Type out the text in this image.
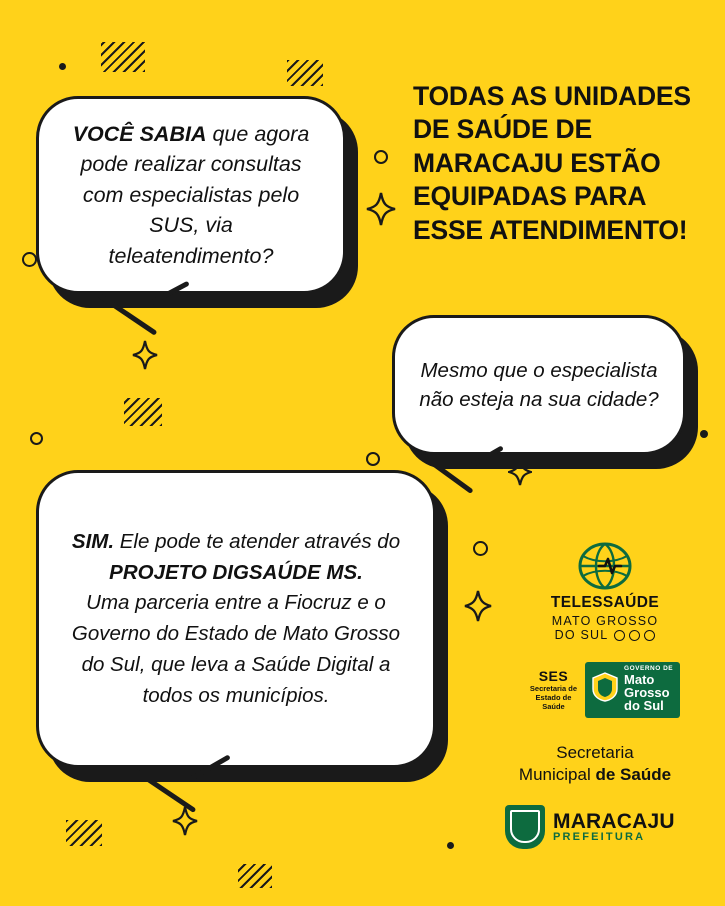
TODAS AS UNIDADES DE SAÚDE DE MARACAJU ESTÃO EQUIPADAS PARA ESSE ATENDIMENTO!

VOCÊ SABIA que agora pode realizar consultas com especialistas pelo SUS, via teleatendimento?

Mesmo que o especialista não esteja na sua cidade?

SIM. Ele pode te atender através do
PROJETO DIGSAÚDE MS.
Uma parceria entre a Fiocruz e o Governo do Estado de Mato Grosso do Sul, que leva a Saúde Digital a todos os municípios.

TELESSAÚDE
MATO GROSSO
DO SUL
SES
Secretaria de
Estado de
Saúde
GOVERNO DE
Mato
Grosso
do Sul
Secretaria
Municipal de Saúde
MARACAJU
PREFEITURA
